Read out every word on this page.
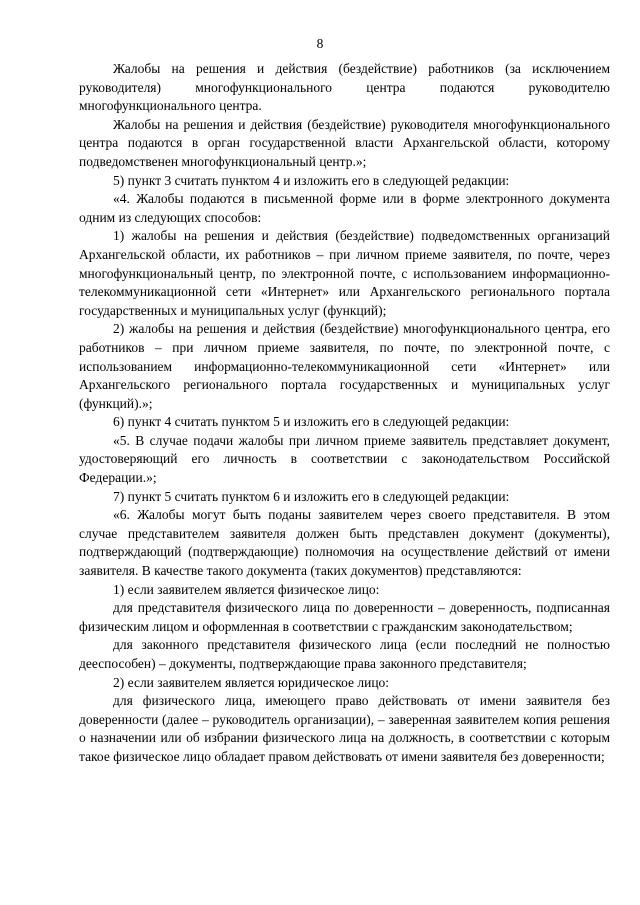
8

Жалобы на решения и действия (бездействие) работников (за исключением руководителя) многофункционального центра подаются руководителю многофункционального центра.

Жалобы на решения и действия (бездействие) руководителя многофункционального центра подаются в орган государственной власти Архангельской области, которому подведомственен многофункциональный центр.»;

5) пункт 3 считать пунктом 4 и изложить его в следующей редакции:

«4. Жалобы подаются в письменной форме или в форме электронного документа одним из следующих способов:

1) жалобы на решения и действия (бездействие) подведомственных организаций Архангельской области, их работников – при личном приеме заявителя, по почте, через многофункциональный центр, по электронной почте, с использованием информационно-телекоммуникационной сети «Интернет» или Архангельского регионального портала государственных и муниципальных услуг (функций);

2) жалобы на решения и действия (бездействие) многофункционального центра, его работников – при личном приеме заявителя, по почте, по электронной почте, с использованием информационно-телекоммуникационной сети «Интернет» или Архангельского регионального портала государственных и муниципальных услуг (функций).»;

6) пункт 4 считать пунктом 5 и изложить его в следующей редакции:

«5. В случае подачи жалобы при личном приеме заявитель представляет документ, удостоверяющий его личность в соответствии с законодательством Российской Федерации.»;

7) пункт 5 считать пунктом 6 и изложить его в следующей редакции:

«6. Жалобы могут быть поданы заявителем через своего представителя. В этом случае представителем заявителя должен быть представлен документ (документы), подтверждающий (подтверждающие) полномочия на осуществление действий от имени заявителя. В качестве такого документа (таких документов) представляются:

1) если заявителем является физическое лицо:

для представителя физического лица по доверенности – доверенность, подписанная физическим лицом и оформленная в соответствии с гражданским законодательством;

для законного представителя физического лица (если последний не полностью дееспособен) – документы, подтверждающие права законного представителя;

2) если заявителем является юридическое лицо:

для физического лица, имеющего право действовать от имени заявителя без доверенности (далее – руководитель организации), – заверенная заявителем копия решения о назначении или об избрании физического лица на должность, в соответствии с которым такое физическое лицо обладает правом действовать от имени заявителя без доверенности;
